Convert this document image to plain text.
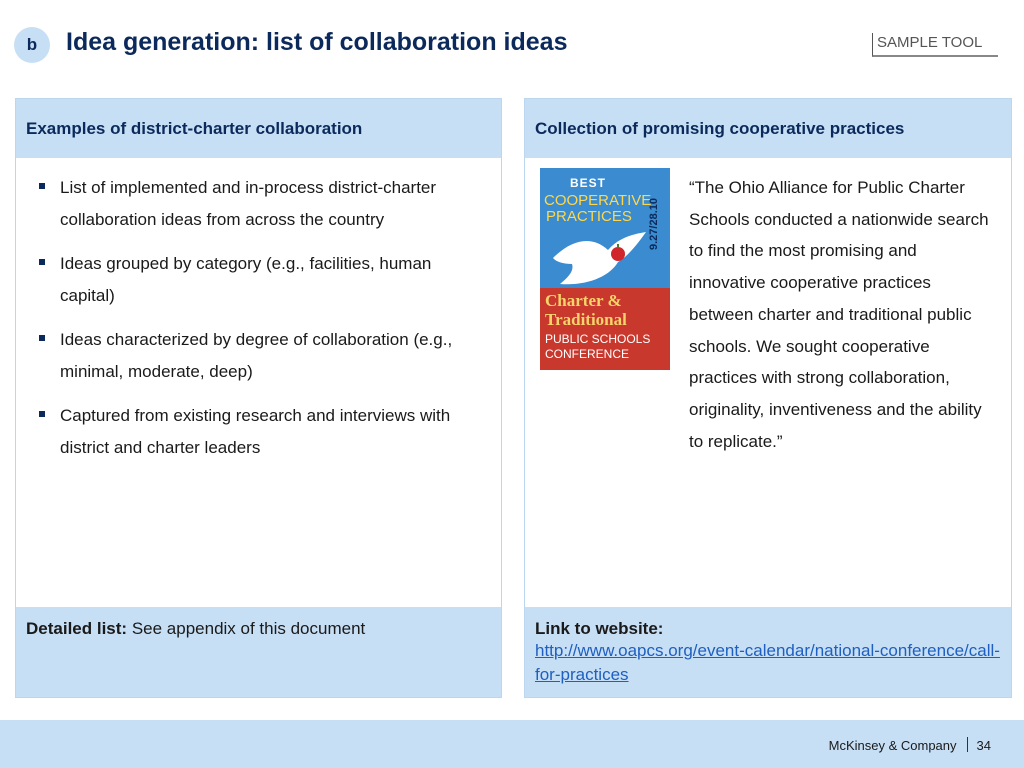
b	Idea generation: list of collaboration ideas	SAMPLE TOOL
Examples of district-charter collaboration
List of implemented and in-process district-charter collaboration ideas from across the country
Ideas grouped by category (e.g., facilities, human capital)
Ideas characterized by degree of collaboration (e.g., minimal, moderate, deep)
Captured from existing research and interviews with district and charter leaders
Detailed list: See appendix of this document
Collection of promising cooperative practices
BEST
COOPERATIVE
PRACTICES 9.27/28.10
Charter &
Traditional
PUBLIC SCHOOLS
CONFERENCE
“The Ohio Alliance for Public Charter Schools conducted a nationwide search to find the most promising and innovative cooperative practices between charter and traditional public schools. We sought cooperative practices with strong collaboration, originality, inventiveness and the ability to replicate.”
Link to website:
http://www.oapcs.org/event-calendar/national-conference/call-for-practices
McKinsey & Company 34
